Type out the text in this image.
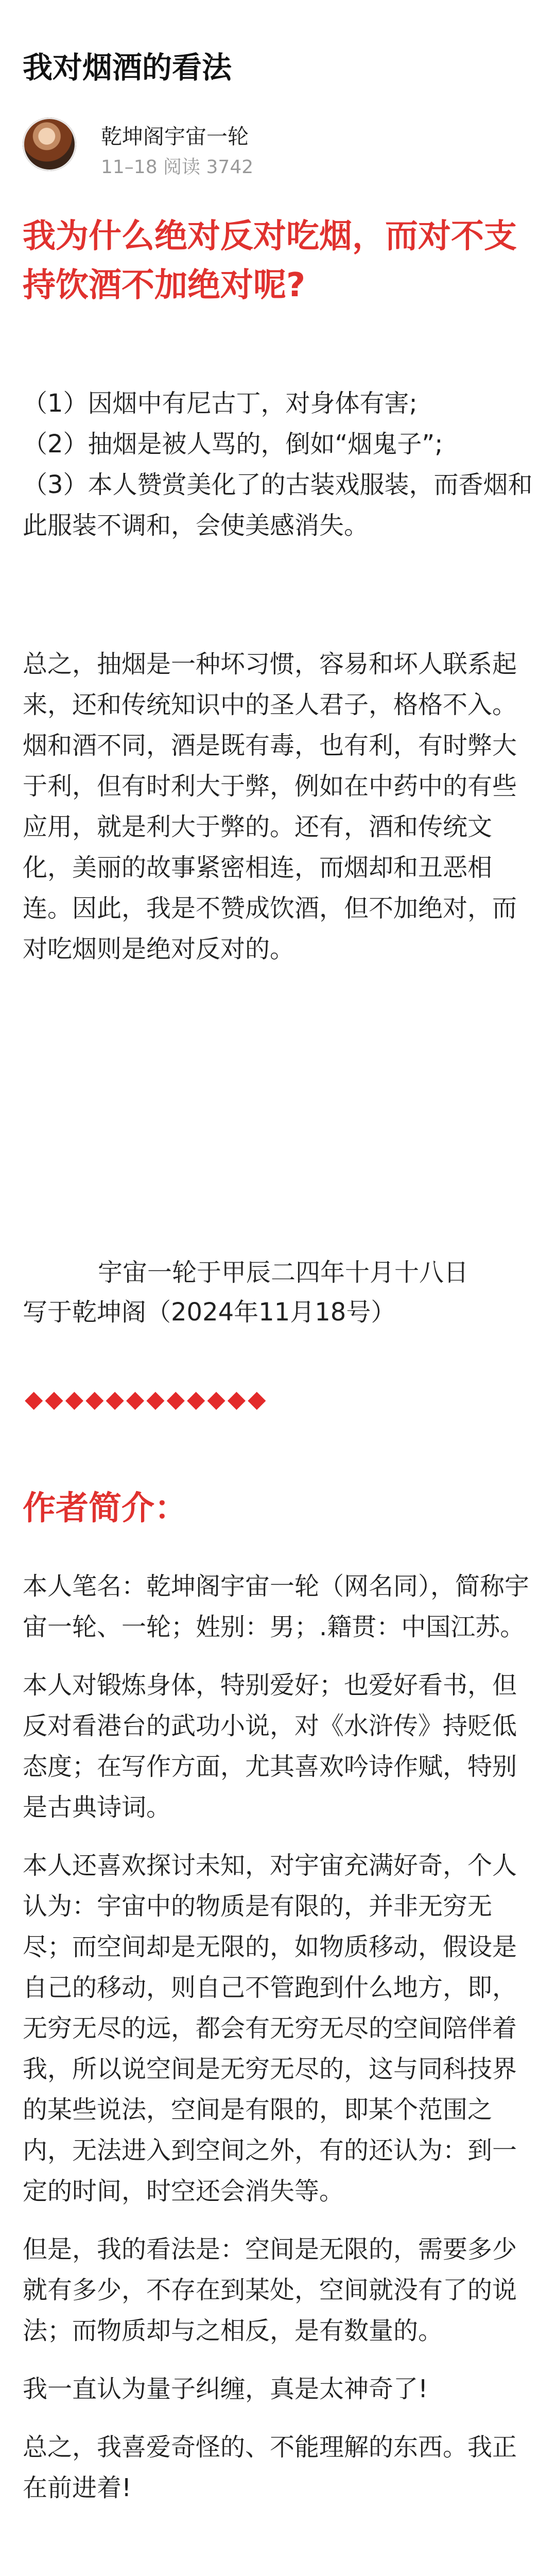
我对烟酒的看法
乾坤阁宇宙一轮
11–18 阅读 3742
我为什么绝对反对吃烟，而对不支持饮酒不加绝对呢?

（1）因烟中有尼古丁，对身体有害;

（2）抽烟是被人骂的，倒如“烟鬼子”;

（3）本人赞赏美化了的古装戏服装，而香烟和此服装不调和，会使美感消失。

总之，抽烟是一种坏习惯，容易和坏人联系起来，还和传统知识中的圣人君子，格格不入。烟和酒不同，酒是既有毒，也有利，有时弊大于利，但有时利大于弊，例如在中药中的有些应用，就是利大于弊的。还有，酒和传统文化，美丽的故事紧密相连，而烟却和丑恶相连。因此，我是不赞成饮酒，但不加绝对，而对吃烟则是绝对反对的。
宇宙一轮于甲辰二四年十月十八日
写于乾坤阁（2024年11月18号）
◆◆◆◆◆◆◆◆◆◆◆◆
作者简介：

本人笔名：乾坤阁宇宙一轮（网名同），简称宇宙一轮、一轮；姓别：男；.籍贯：中国江苏。

本人对锻炼身体，特别爱好；也爱好看书，但反对看港台的武功小说，对《水浒传》持贬低态度；在写作方面，尤其喜欢吟诗作赋，特别是古典诗词。

本人还喜欢探讨未知，对宇宙充满好奇，个人认为：宇宙中的物质是有限的，并非无穷无尽；而空间却是无限的，如物质移动，假设是自己的移动，则自己不管跑到什么地方，即，无穷无尽的远，都会有无穷无尽的空间陪伴着我，所以说空间是无穷无尽的，这与同科技界的某些说法，空间是有限的，即某个范围之内，无法进入到空间之外，有的还认为：到一定的时间，时空还会消失等。

但是，我的看法是：空间是无限的，需要多少就有多少，不存在到某处，空间就没有了的说法；而物质却与之相反，是有数量的。

我一直认为量子纠缠，真是太神奇了!

总之，我喜爱奇怪的、不能理解的东西。我正在前进着!
